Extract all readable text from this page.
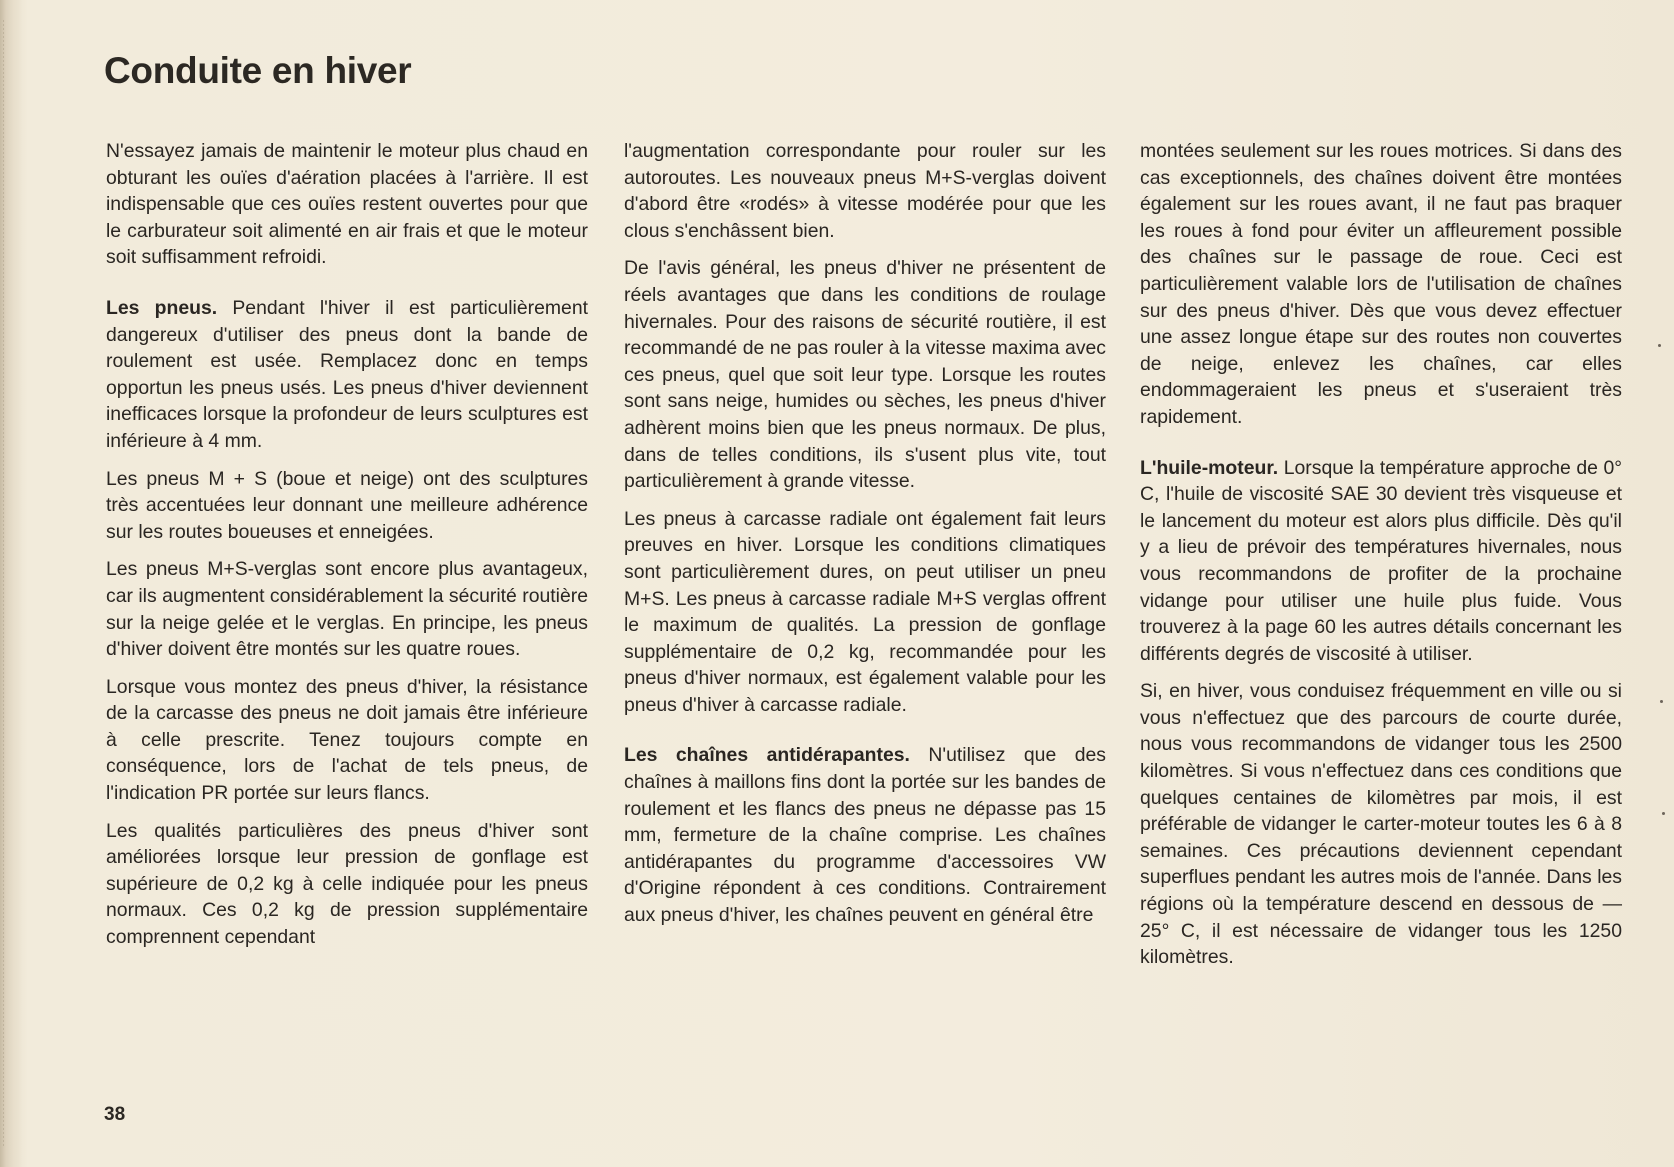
Conduite en hiver

N'essayez jamais de maintenir le moteur plus chaud en obturant les ouïes d'aération placées à l'arrière. Il est indispensable que ces ouïes restent ouvertes pour que le carburateur soit alimenté en air frais et que le moteur soit suffisamment refroidi.

Les pneus. Pendant l'hiver il est particulièrement dangereux d'utiliser des pneus dont la bande de roulement est usée. Remplacez donc en temps opportun les pneus usés. Les pneus d'hiver deviennent inefficaces lorsque la profondeur de leurs sculptures est inférieure à 4 mm.

Les pneus M + S (boue et neige) ont des sculptures très accentuées leur donnant une meilleure adhérence sur les routes boueuses et enneigées.

Les pneus M+S-verglas sont encore plus avantageux, car ils augmentent considérablement la sécurité routière sur la neige gelée et le verglas. En principe, les pneus d'hiver doivent être montés sur les quatre roues.

Lorsque vous montez des pneus d'hiver, la résistance de la carcasse des pneus ne doit jamais être inférieure à celle prescrite. Tenez toujours compte en conséquence, lors de l'achat de tels pneus, de l'indication PR portée sur leurs flancs.

Les qualités particulières des pneus d'hiver sont améliorées lorsque leur pression de gonflage est supérieure de 0,2 kg à celle indiquée pour les pneus normaux. Ces 0,2 kg de pression supplémentaire comprennent cependant

l'augmentation correspondante pour rouler sur les autoroutes. Les nouveaux pneus M+S-verglas doivent d'abord être «rodés» à vitesse modérée pour que les clous s'enchâssent bien.

De l'avis général, les pneus d'hiver ne présentent de réels avantages que dans les conditions de roulage hivernales. Pour des raisons de sécurité routière, il est recommandé de ne pas rouler à la vitesse maxima avec ces pneus, quel que soit leur type. Lorsque les routes sont sans neige, humides ou sèches, les pneus d'hiver adhèrent moins bien que les pneus normaux. De plus, dans de telles conditions, ils s'usent plus vite, tout particulièrement à grande vitesse.

Les pneus à carcasse radiale ont également fait leurs preuves en hiver. Lorsque les conditions climatiques sont particulièrement dures, on peut utiliser un pneu M+S. Les pneus à carcasse radiale M+S verglas offrent le maximum de qualités. La pression de gonflage supplémentaire de 0,2 kg, recommandée pour les pneus d'hiver normaux, est également valable pour les pneus d'hiver à carcasse radiale.

Les chaînes antidérapantes. N'utilisez que des chaînes à maillons fins dont la portée sur les bandes de roulement et les flancs des pneus ne dépasse pas 15 mm, fermeture de la chaîne comprise. Les chaînes antidérapantes du programme d'accessoires VW d'Origine répondent à ces conditions. Contrairement aux pneus d'hiver, les chaînes peuvent en général être

montées seulement sur les roues motrices. Si dans des cas exceptionnels, des chaînes doivent être montées également sur les roues avant, il ne faut pas braquer les roues à fond pour éviter un affleurement possible des chaînes sur le passage de roue. Ceci est particulièrement valable lors de l'utilisation de chaînes sur des pneus d'hiver. Dès que vous devez effectuer une assez longue étape sur des routes non couvertes de neige, enlevez les chaînes, car elles endommageraient les pneus et s'useraient très rapidement.

L'huile-moteur. Lorsque la température approche de 0° C, l'huile de viscosité SAE 30 devient très visqueuse et le lancement du moteur est alors plus difficile. Dès qu'il y a lieu de prévoir des températures hivernales, nous vous recommandons de profiter de la prochaine vidange pour utiliser une huile plus fuide. Vous trouverez à la page 60 les autres détails concernant les différents degrés de viscosité à utiliser.

Si, en hiver, vous conduisez fréquemment en ville ou si vous n'effectuez que des parcours de courte durée, nous vous recommandons de vidanger tous les 2500 kilomètres. Si vous n'effectuez dans ces conditions que quelques centaines de kilomètres par mois, il est préférable de vidanger le carter-moteur toutes les 6 à 8 semaines. Ces précautions deviennent cependant superflues pendant les autres mois de l'année. Dans les régions où la température descend en dessous de —25° C, il est nécessaire de vidanger tous les 1250 kilomètres.

38
